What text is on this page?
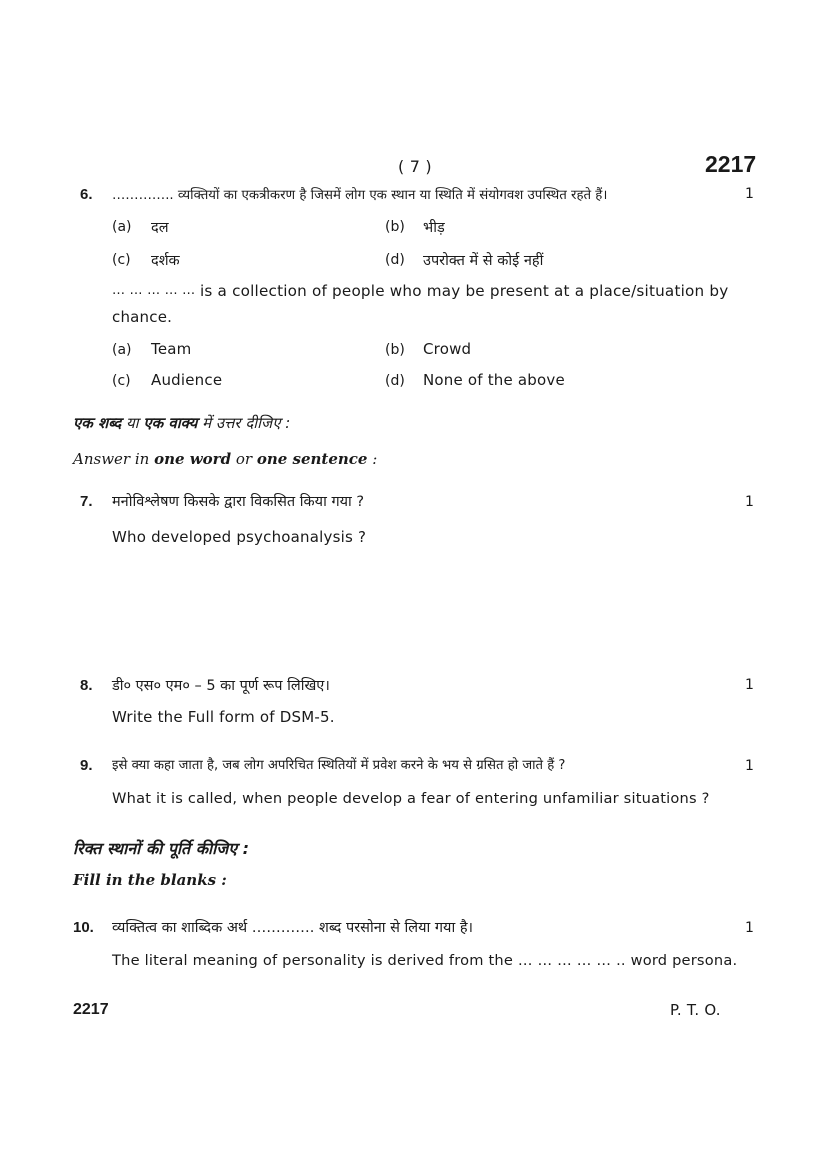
( 7 )	2217
6. ………….. व्यक्तियों का एकत्रीकरण है जिसमें लोग एक स्थान या स्थिति में संयोगवश उपस्थित रहते हैं।	1
(a) दल	(b) भीड़
(c) दर्शक	(d) उपरोक्त में से कोई नहीं
… … … … … is a collection of people who may be present at a place/situation by
chance.
(a) Team	(b) Crowd
(c) Audience	(d) None of the above
एक शब्द या एक वाक्य में उत्तर दीजिए :
Answer in one word or one sentence :
7. मनोविश्लेषण किसके द्वारा विकसित किया गया ?	1
Who developed psychoanalysis ?
8. डी० एस० एम० – 5 का पूर्ण रूप लिखिए।	1
Write the Full form of DSM-5.
9. इसे क्या कहा जाता है, जब लोग अपरिचित स्थितियों में प्रवेश करने के भय से ग्रसित हो जाते हैं ?	1
What it is called, when people develop a fear of entering unfamiliar situations ?
रिक्त स्थानों की पूर्ति कीजिए :
Fill in the blanks :
10. व्यक्तित्व का शाब्दिक अर्थ …………. शब्द परसोना से लिया गया है।	1
The literal meaning of personality is derived from the … … … … … .. word persona.
2217	P. T. O.
